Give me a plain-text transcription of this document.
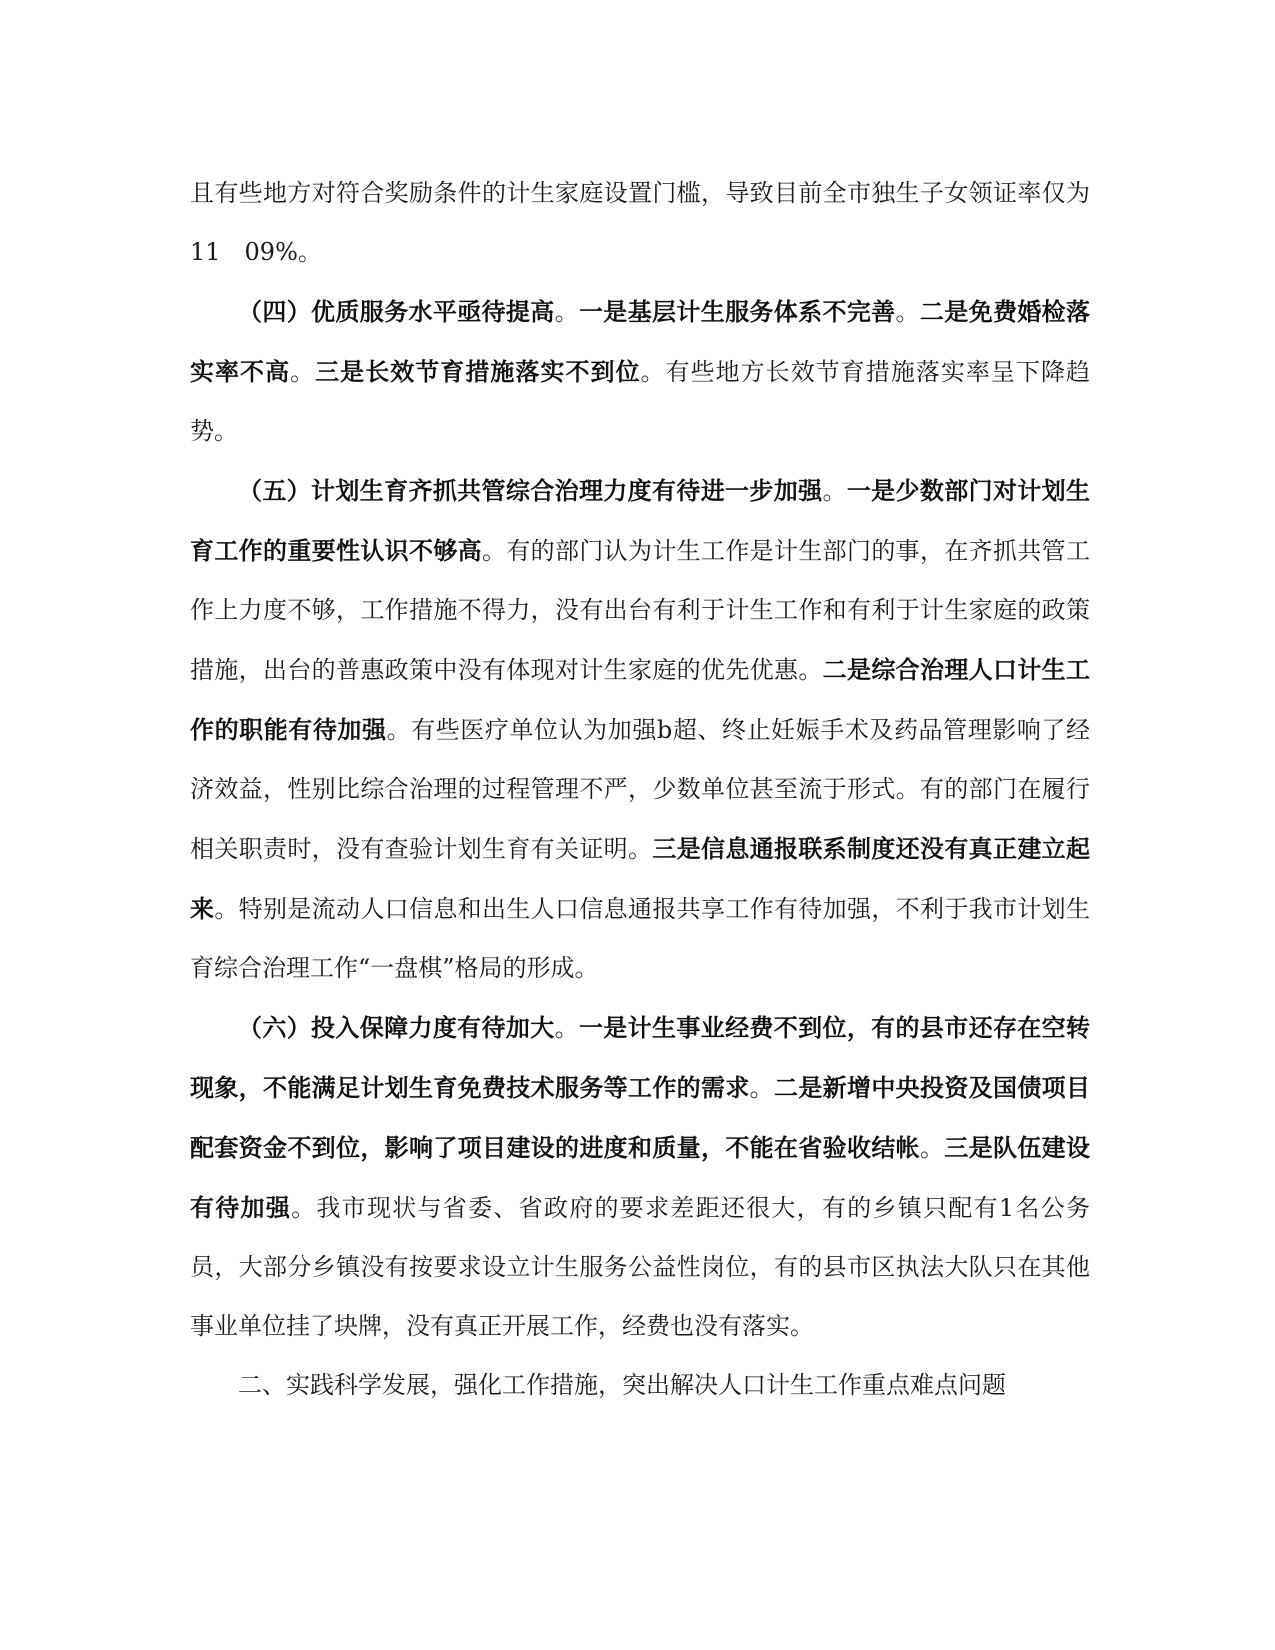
且有些地方对符合奖励条件的计生家庭设置门槛，导致目前全市独生子女领证率仅为11　09%。

（四）优质服务水平亟待提高。一是基层计生服务体系不完善。二是免费婚检落实率不高。三是长效节育措施落实不到位。有些地方长效节育措施落实率呈下降趋势。

（五）计划生育齐抓共管综合治理力度有待进一步加强。一是少数部门对计划生育工作的重要性认识不够高。有的部门认为计生工作是计生部门的事，在齐抓共管工作上力度不够，工作措施不得力，没有出台有利于计生工作和有利于计生家庭的政策措施，出台的普惠政策中没有体现对计生家庭的优先优惠。二是综合治理人口计生工作的职能有待加强。有些医疗单位认为加强b超、终止妊娠手术及药品管理影响了经济效益，性别比综合治理的过程管理不严，少数单位甚至流于形式。有的部门在履行相关职责时，没有查验计划生育有关证明。三是信息通报联系制度还没有真正建立起来。特别是流动人口信息和出生人口信息通报共享工作有待加强，不利于我市计划生育综合治理工作“一盘棋”格局的形成。

（六）投入保障力度有待加大。一是计生事业经费不到位，有的县市还存在空转现象，不能满足计划生育免费技术服务等工作的需求。二是新增中央投资及国债项目配套资金不到位，影响了项目建设的进度和质量，不能在省验收结帐。三是队伍建设有待加强。我市现状与省委、省政府的要求差距还很大，有的乡镇只配有1名公务员，大部分乡镇没有按要求设立计生服务公益性岗位，有的县市区执法大队只在其他事业单位挂了块牌，没有真正开展工作，经费也没有落实。

二、实践科学发展，强化工作措施，突出解决人口计生工作重点难点问题
